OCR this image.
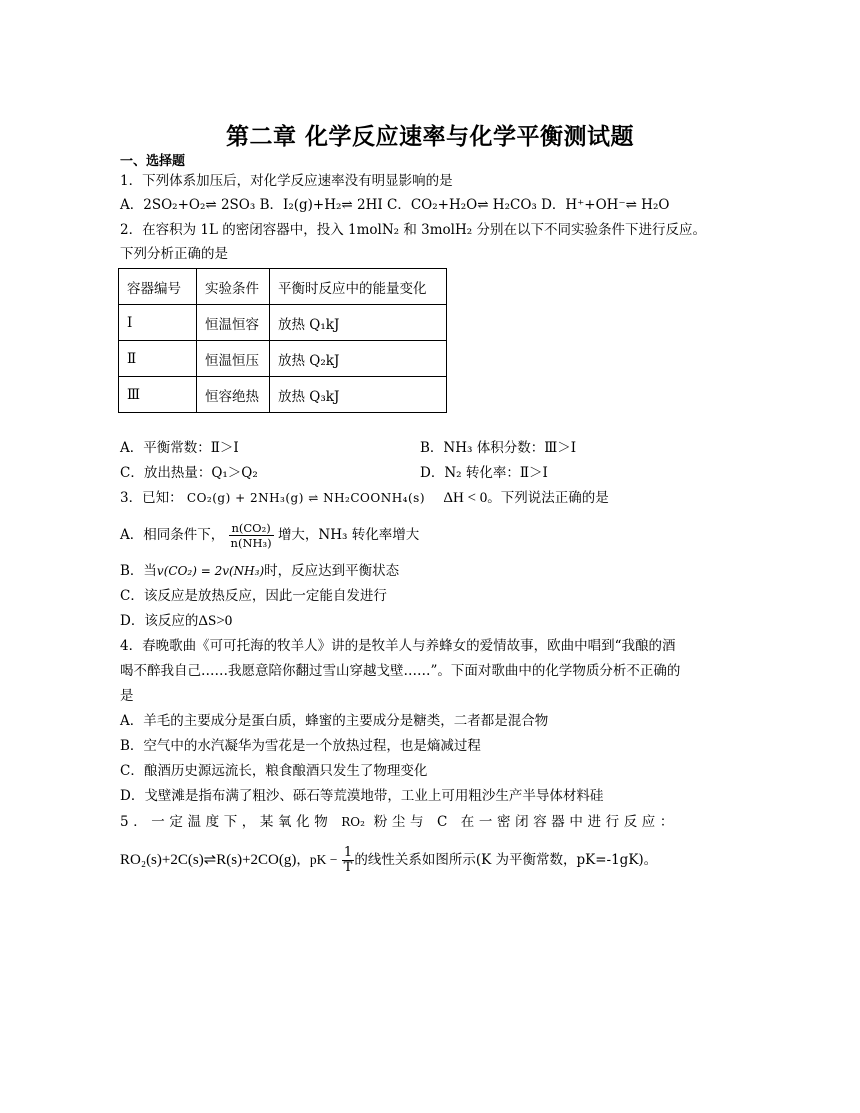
第二章 化学反应速率与化学平衡测试题
一、选择题
1．下列体系加压后，对化学反应速率没有明显影响的是
A．2SO₂+O₂⇌ 2SO₃ B．I₂(g)+H₂⇌ 2HI C．CO₂+H₂O⇌ H₂CO₃ D．H⁺+OH⁻⇌ H₂O
2．在容积为 1L 的密闭容器中，投入 1molN₂ 和 3molH₂ 分别在以下不同实验条件下进行反应。
下列分析正确的是
容器编号	实验条件	平衡时反应中的能量变化
Ⅰ	恒温恒容	放热 Q₁kJ
Ⅱ	恒温恒压	放热 Q₂kJ
Ⅲ	恒容绝热	放热 Q₃kJ
A．平衡常数：Ⅱ＞Ⅰ	B．NH₃ 体积分数：Ⅲ＞Ⅰ
C．放出热量：Q₁＞Q₂	D．N₂ 转化率：Ⅱ＞Ⅰ
3．已知： CO₂(g) + 2NH₃(g) ⇌ NH₂COONH₄(s) ΔH < 0。下列说法正确的是
A．相同条件下， $\frac{\text{n(CO₂)}}{\text{n(NH₃)}}$ 增大，NH₃ 转化率增大
B．当v(CO₂) = 2v(NH₃)时，反应达到平衡状态
C．该反应是放热反应，因此一定能自发进行
D．该反应的ΔS>0
4．春晚歌曲《可可托海的牧羊人》讲的是牧羊人与养蜂女的爱情故事，欧曲中唱到“我酿的酒
喝不醉我自己……我愿意陪你翻过雪山穿越戈壁……”。下面对歌曲中的化学物质分析不正确的
是
A．羊毛的主要成分是蛋白质，蜂蜜的主要成分是糖类，二者都是混合物
B．空气中的水汽凝华为雪花是一个放热过程，也是熵减过程
C．酿酒历史源远流长，粮食酿酒只发生了物理变化
D．戈壁滩是指布满了粗沙、砾石等荒漠地带，工业上可用粗沙生产半导体材料硅
5．一定温度下，某氧化物 RO₂ 粉尘与 C 在一密闭容器中进行反应：
RO₂(s)+2C(s)⇌R(s)+2CO(g)，pK − $\frac{1}{T}$ 的线性关系如图所示(K 为平衡常数，pK=-1gK)。
